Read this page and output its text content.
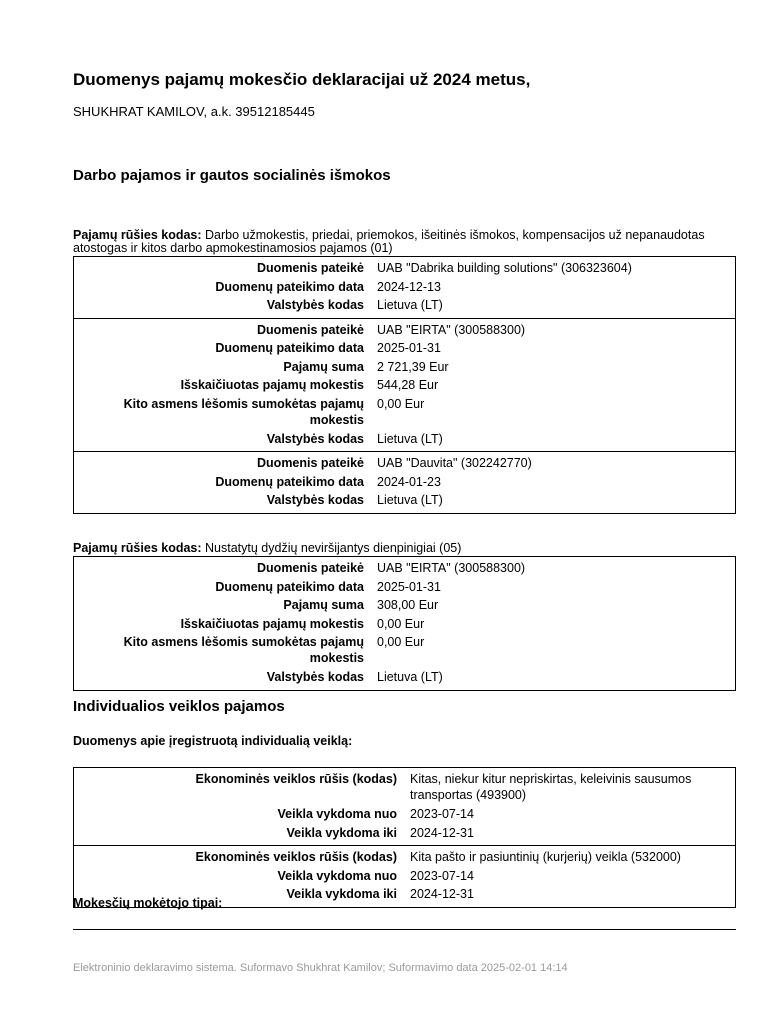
Duomenys pajamų mokesčio deklaracijai už 2024 metus,
SHUKHRAT KAMILOV, a.k. 39512185445
Darbo pajamos ir gautos socialinės išmokos
Pajamų rūšies kodas: Darbo užmokestis, priedai, priemokos, išeitinės išmokos, kompensacijos už nepanaudotas atostogas ir kitos darbo apmokestinamosios pajamos (01)
Duomenis pateikė	UAB "Dabrika building solutions" (306323604)
Duomenų pateikimo data	2024-12-13
Valstybės kodas	Lietuva (LT)
Duomenis pateikė	UAB "EIRTA" (300588300)
Duomenų pateikimo data	2025-01-31
Pajamų suma	2 721,39 Eur
Išskaičiuotas pajamų mokestis	544,28 Eur
Kito asmens lėšomis sumokėtas pajamų mokestis
0,00 Eur
Valstybės kodas	Lietuva (LT)
Duomenis pateikė	UAB "Dauvita" (302242770)
Duomenų pateikimo data	2024-01-23
Valstybės kodas	Lietuva (LT)
Pajamų rūšies kodas: Nustatytų dydžių neviršijantys dienpinigiai (05)
Duomenis pateikė	UAB "EIRTA" (300588300)
Duomenų pateikimo data	2025-01-31
Pajamų suma	308,00 Eur
Išskaičiuotas pajamų mokestis	0,00 Eur
Kito asmens lėšomis sumokėtas pajamų mokestis
0,00 Eur
Valstybės kodas	Lietuva (LT)
Individualios veiklos pajamos
Duomenys apie įregistruotą individualią veiklą:
Ekonominės veiklos rūšis (kodas)	Kitas, niekur kitur nepriskirtas, keleivinis sausumos transportas (493900)
Veikla vykdoma nuo	2023-07-14
Veikla vykdoma iki	2024-12-31
Ekonominės veiklos rūšis (kodas)	Kita pašto ir pasiuntinių (kurjerių) veikla (532000)
Veikla vykdoma nuo	2023-07-14
Veikla vykdoma iki	2024-12-31
Mokesčių mokėtojo tipai:
Elektroninio deklaravimo sistema. Suformavo Shukhrat Kamilov; Suformavimo data 2025-02-01 14:14
